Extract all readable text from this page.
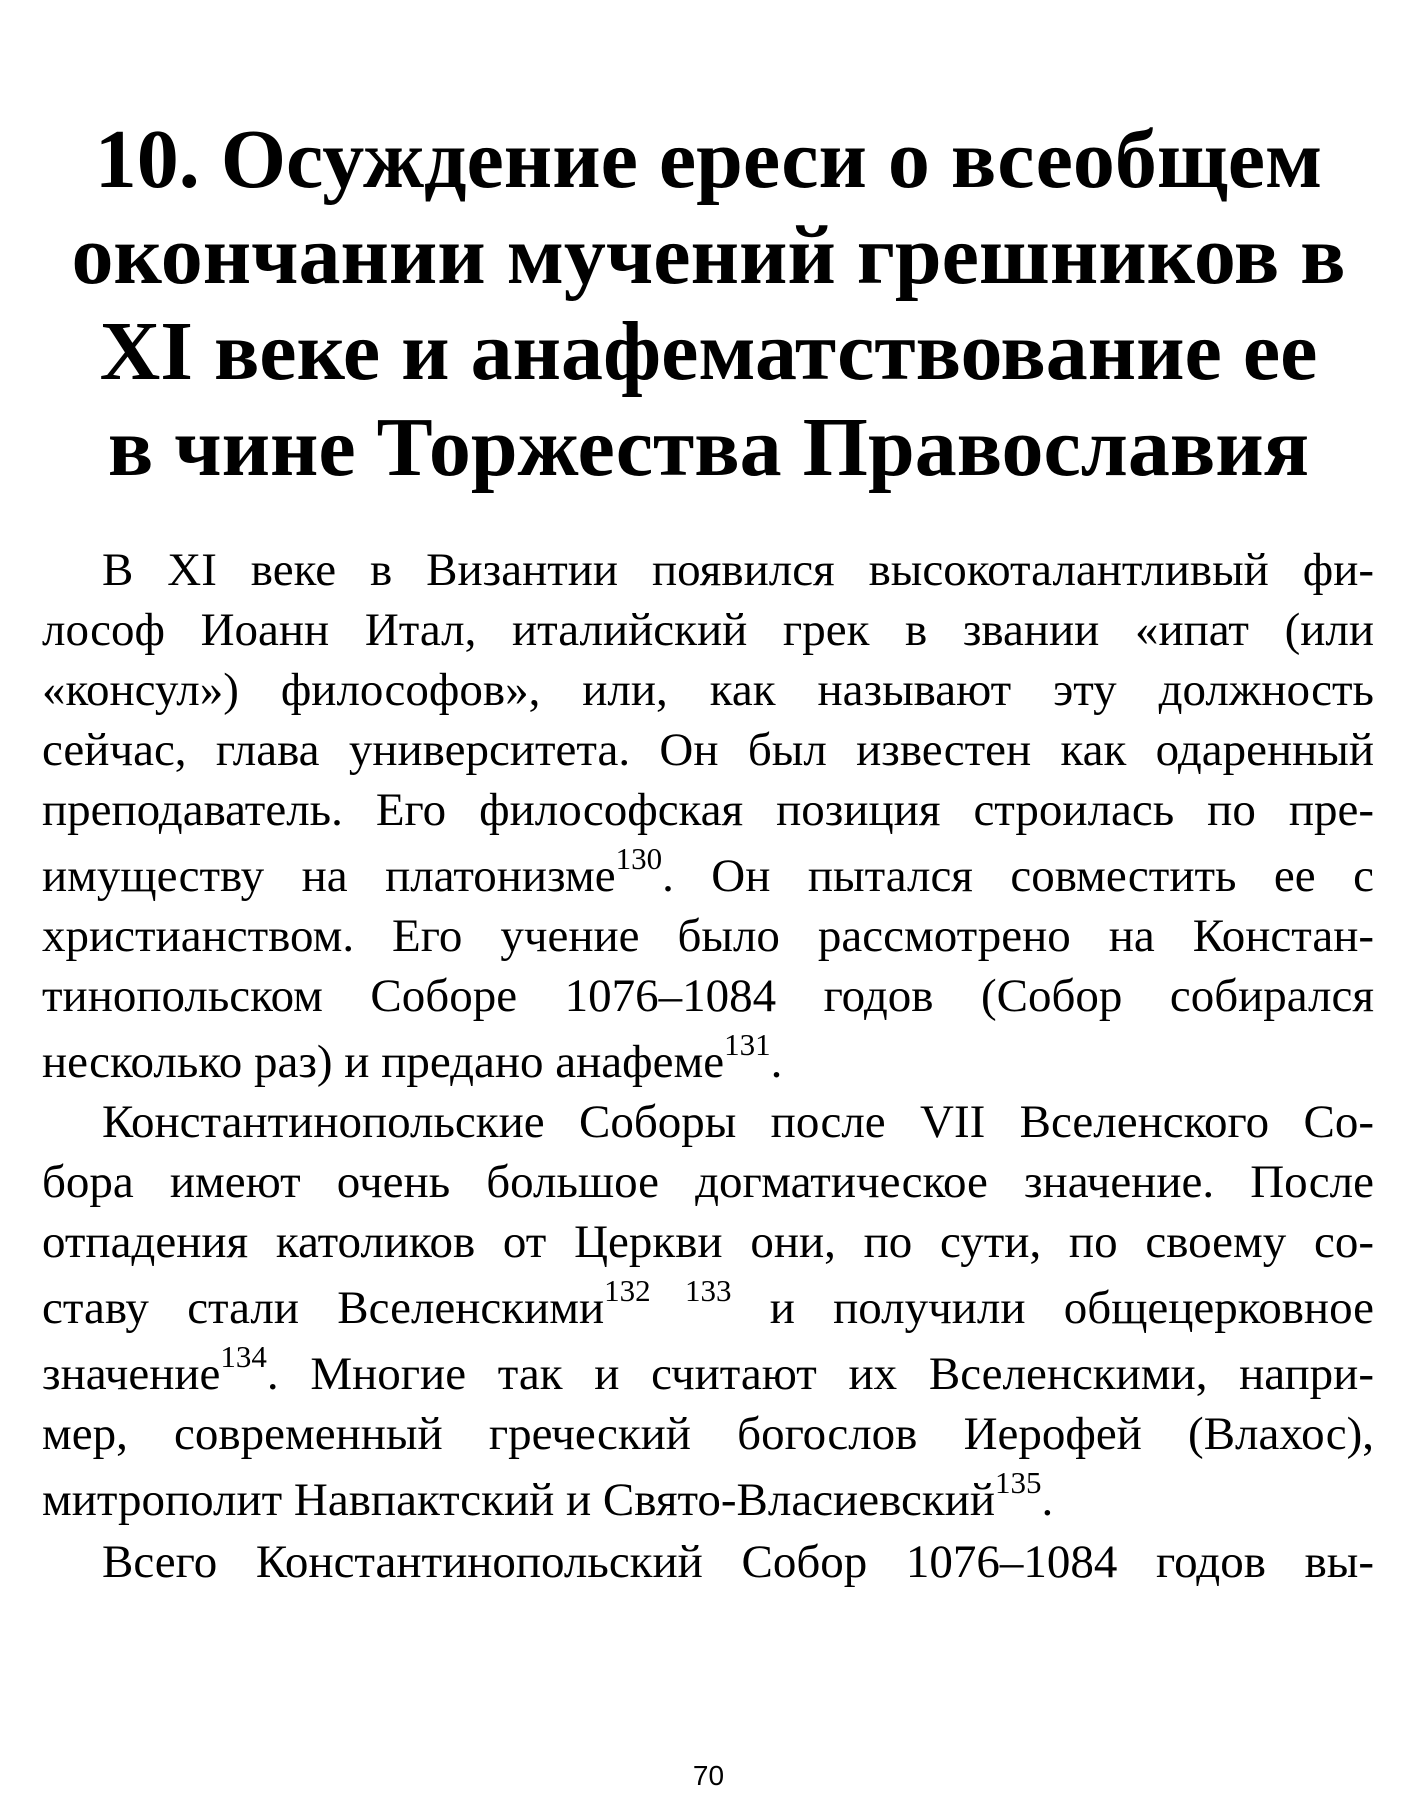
10. Осуждение ереси о всеобщем
окончании мучений грешников в
XI веке и анафематствование ее
в чине Торжества Православия
В XI веке в Византии появился высокоталантливый фи-
лософ Иоанн Итал, италийский грек в звании «ипат (или
«консул») философов», или, как называют эту должность
сейчас, глава университета. Он был известен как одаренный
преподаватель. Его философская позиция строилась по пре-
имуществу на платонизме$^{130}$. Он пытался совместить ее с
христианством. Его учение было рассмотрено на Констан-
тинопольском Соборе 1076–1084 годов (Собор собирался
несколько раз) и предано анафеме$^{131}$.
Константинопольские Соборы после VII Вселенского Со-
бора имеют очень большое догматическое значение. После
отпадения католиков от Церкви они, по сути, по своему со-
ставу стали Вселенскими$^{132 133}$ и получили общецерковное
значение$^{134}$. Многие так и считают их Вселенскими, напри-
мер, современный греческий богослов Иерофей (Влахос),
митрополит Навпактский и Свято-Власиевский$^{135}$.
Всего Константинопольский Собор 1076–1084 годов вы-
70
